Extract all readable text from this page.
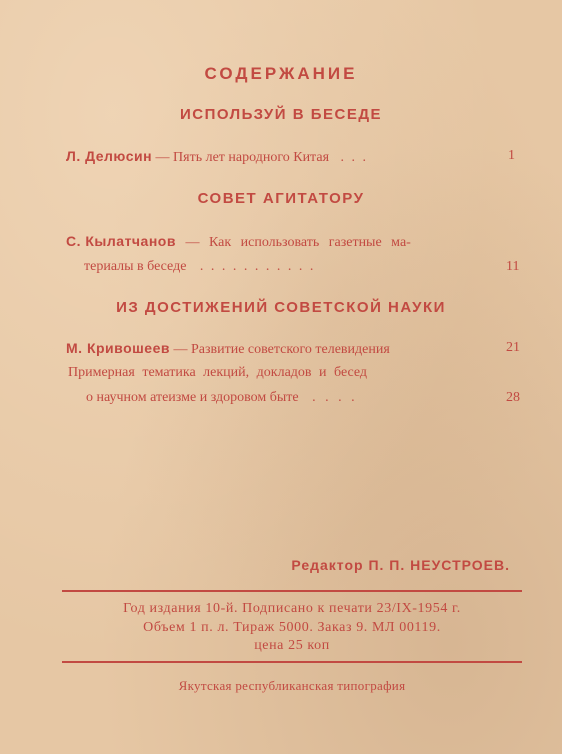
СОДЕРЖАНИЕ
ИСПОЛЬЗУЙ В БЕСЕДЕ
Л. Делюсин — Пять лет народного Китая . . .	1
СОВЕТ АГИТАТОРУ
С. Кылатчанов — Как использовать газетные ма-
териалы в беседе . . . . . . . . . . .	11
ИЗ ДОСТИЖЕНИЙ СОВЕТСКОЙ НАУКИ
М. Кривошеев — Развитие советского телевидения	21
Примерная тематика лекций, докладов и бесед
о научном атеизме и здоровом быте . . . .	28
Редактор П. П. НЕУСТРОЕВ.
Год издания 10-й. Подписано к печати 23/IX-1954 г.
Объем 1 п. л. Тираж 5000. Заказ 9. МЛ 00119.
цена 25 коп
Якутская республиканская типография
